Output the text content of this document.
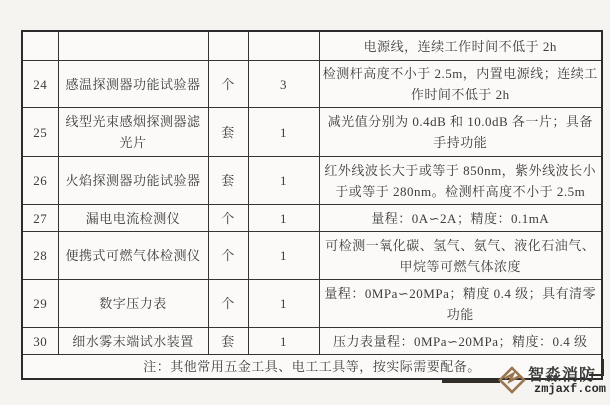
				电源线，连续工作时间不低于 2h
24	感温探测器功能试验器	个	3	检测杆高度不小于 2.5m，内置电源线；连续工作时间不低于 2h
25	线型光束感烟探测器滤光片	套	1	减光值分别为 0.4dB 和 10.0dB 各一片；具备手持功能
26	火焰探测器功能试验器	套	1	红外线波长大于或等于 850nm，紫外线波长小于或等于 280nm。检测杆高度不小于 2.5m
27	漏电电流检测仪	个	1	量程：0A∽2A；精度：0.1mA
28	便携式可燃气体检测仪	个	1	可检测一氧化碳、氢气、氨气、液化石油气、甲烷等可燃气体浓度
29	数字压力表	个	1	量程：0MPa∽20MPa；精度 0.4 级；具有清零功能
30	细水雾末端试水装置	套	1	压力表量程：0MPa∽20MPa；精度：0.4 级
注：其他常用五金工具、电工工具等，按实际需要配备。				
智淼消防
zmjaxf.com
